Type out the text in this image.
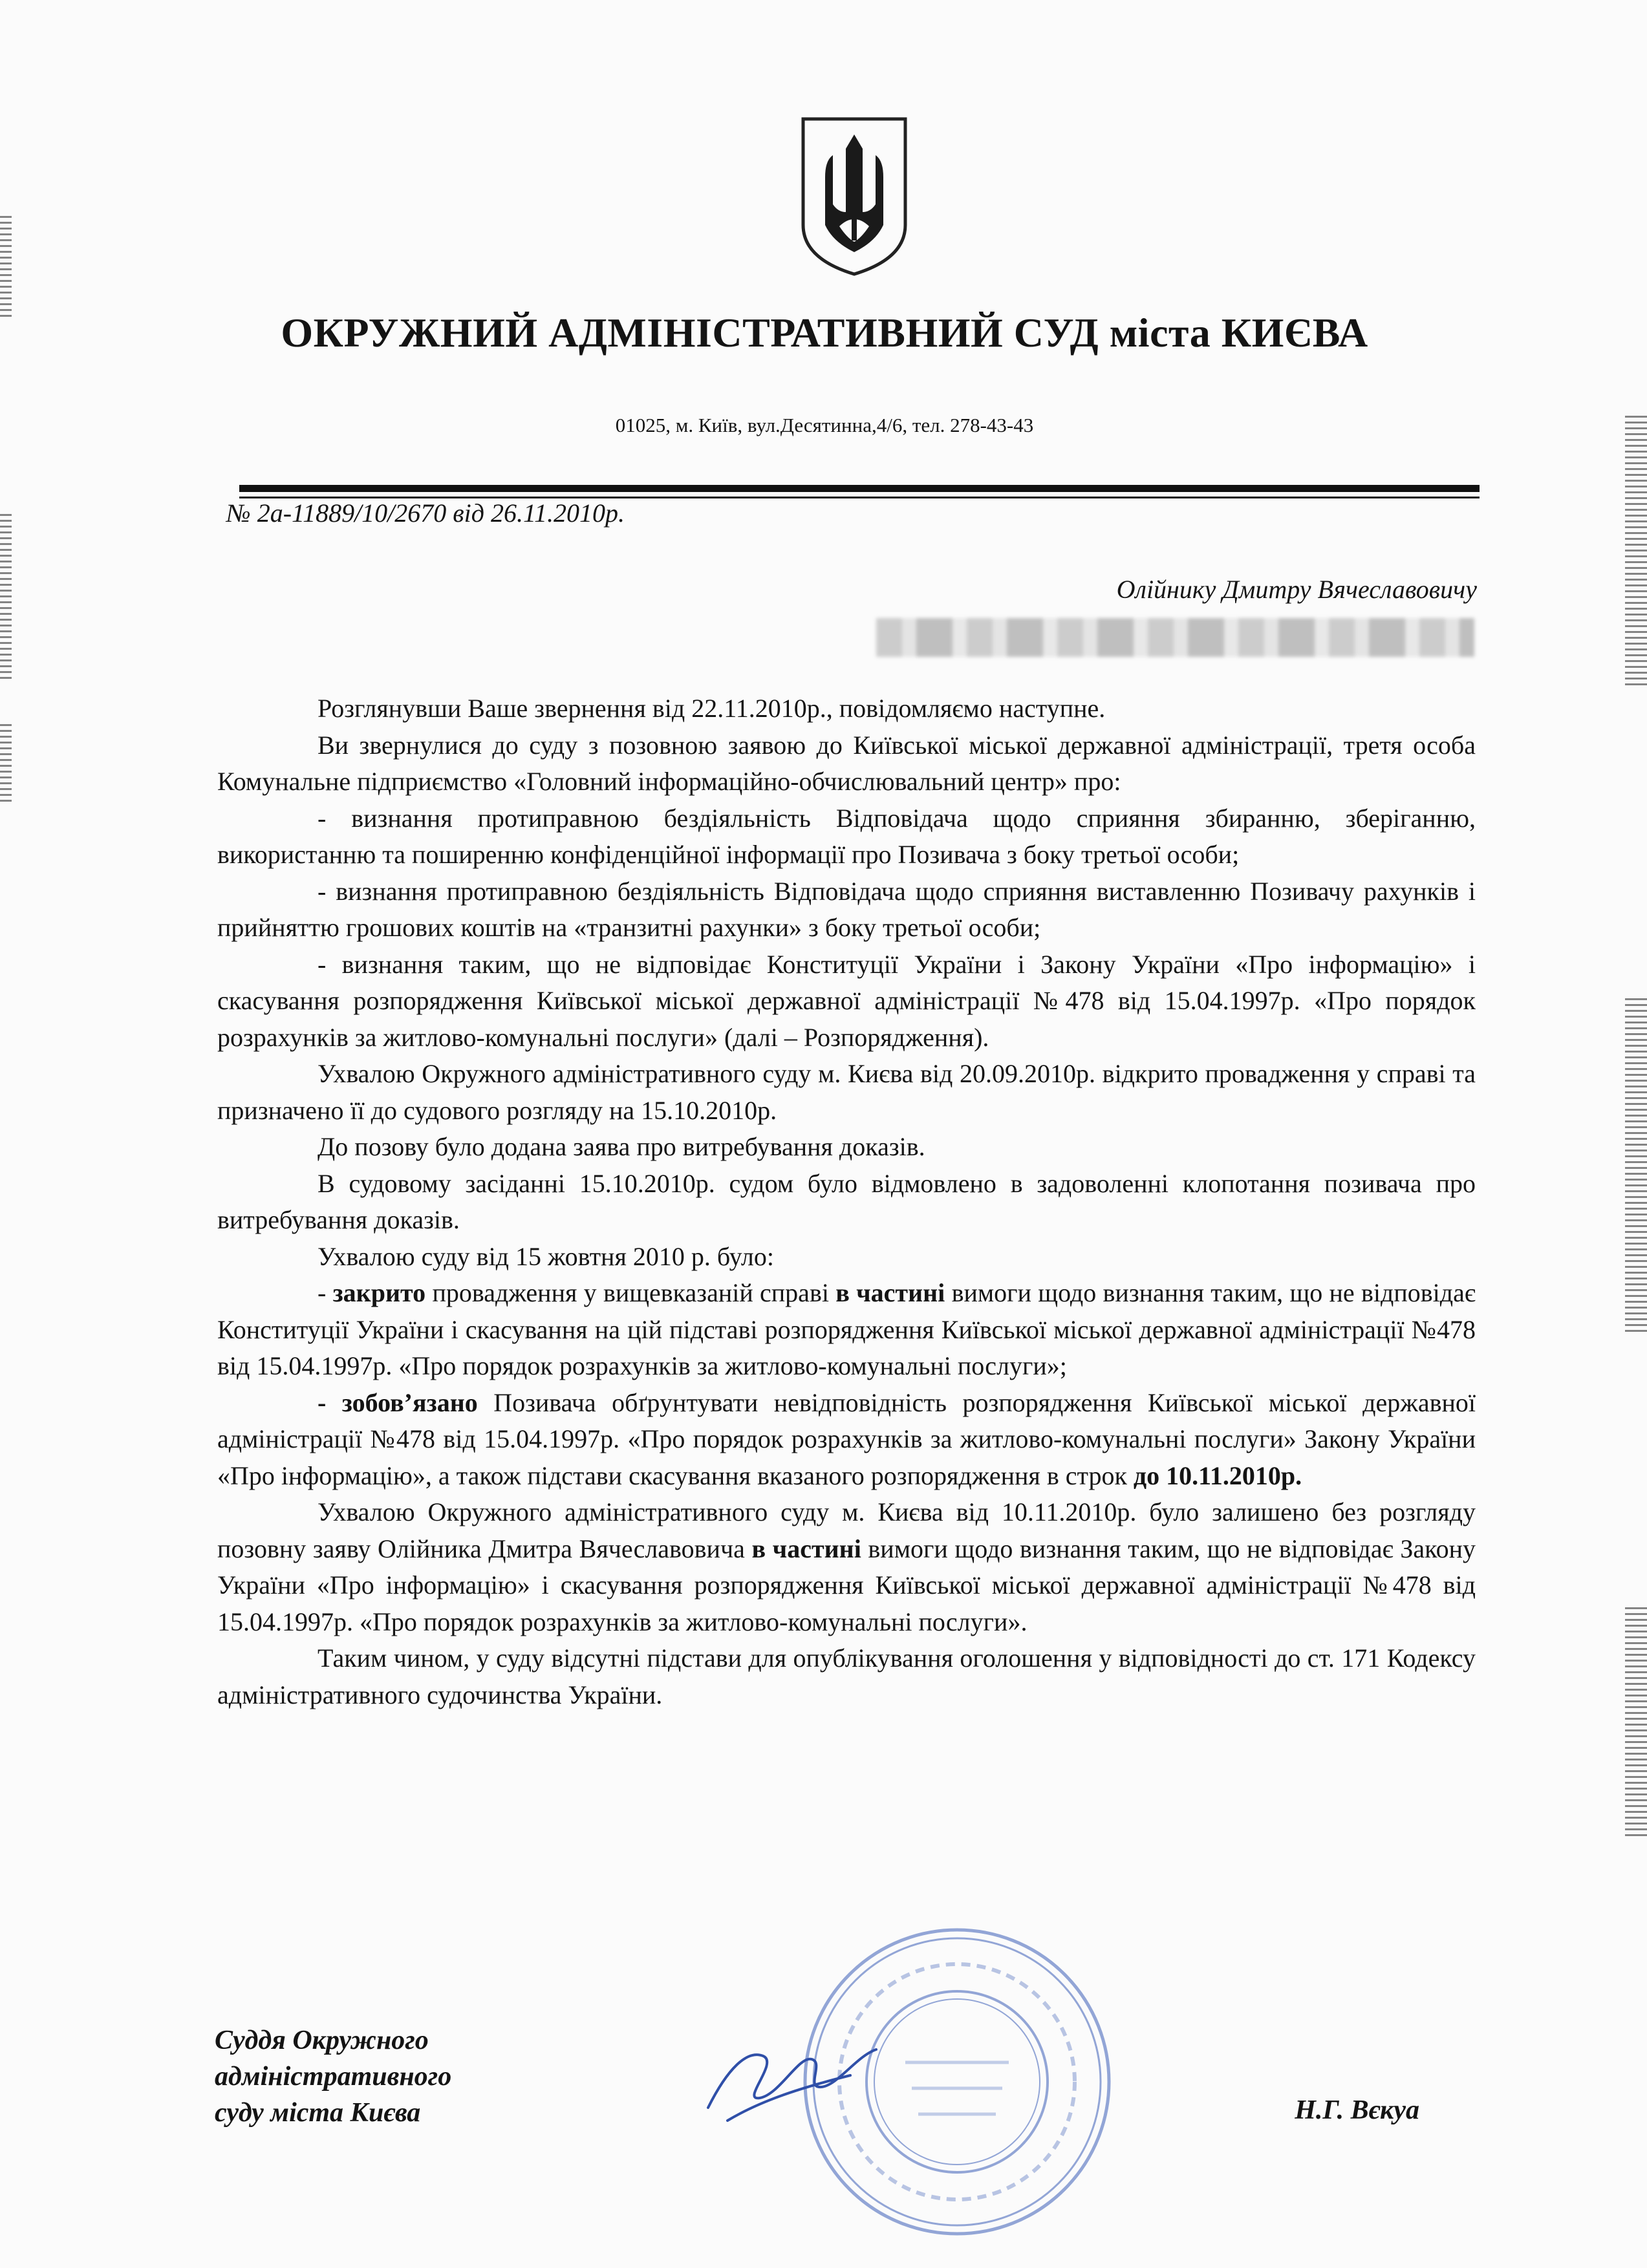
ОКРУЖНИЙ АДМІНІСТРАТИВНИЙ СУД міста КИЄВА
01025, м. Київ, вул.Десятинна,4/6, тел. 278-43-43
№ 2а-11889/10/2670 від 26.11.2010р.
Олійнику Дмитру Вячеславовичу

Розглянувши Ваше звернення від 22.11.2010р., повідомляємо наступне.

Ви звернулися до суду з позовною заявою до Київської міської державної адміністрації, третя особа Комунальне підприємство «Головний інформаційно-обчислювальний центр» про:

- визнання протиправною бездіяльність Відповідача щодо сприяння збиранню, зберіганню, використанню та поширенню конфіденційної інформації про Позивача з боку третьої особи;

- визнання протиправною бездіяльність Відповідача щодо сприяння виставленню Позивачу рахунків і прийняттю грошових коштів на «транзитні рахунки» з боку третьої особи;

- визнання таким, що не відповідає Конституції України і Закону України «Про інформацію» і скасування розпорядження Київської міської державної адміністрації №478 від 15.04.1997р. «Про порядок розрахунків за житлово-комунальні послуги» (далі – Розпорядження).

Ухвалою Окружного адміністративного суду м. Києва від 20.09.2010р. відкрито провадження у справі та призначено її до судового розгляду на 15.10.2010р.

До позову було додана заява про витребування доказів.

В судовому засіданні 15.10.2010р. судом було відмовлено в задоволенні клопотання позивача про витребування доказів.

Ухвалою суду від 15 жовтня 2010 р. було:

- закрито провадження у вищевказаній справі в частині вимоги щодо визнання таким, що не відповідає Конституції України і скасування на цій підставі розпорядження Київської міської державної адміністрації №478 від 15.04.1997р. «Про порядок розрахунків за житлово-комунальні послуги»;

- зобов’язано Позивача обґрунтувати невідповідність розпорядження Київської міської державної адміністрації №478 від 15.04.1997р. «Про порядок розрахунків за житлово-комунальні послуги» Закону України «Про інформацію», а також підстави скасування вказаного розпорядження в строк до 10.11.2010р.

Ухвалою Окружного адміністративного суду м. Києва від 10.11.2010р. було залишено без розгляду позовну заяву Олійника Дмитра Вячеславовича в частині вимоги щодо визнання таким, що не відповідає Закону України «Про інформацію» і скасування розпорядження Київської міської державної адміністрації №478 від 15.04.1997р. «Про порядок розрахунків за житлово-комунальні послуги».

Таким чином, у суду відсутні підстави для опублікування оголошення у відповідності до ст. 171 Кодексу адміністративного судочинства України.

Суддя Окружного
адміністративного
суду міста Києва	Н.Г. Вєкуа
